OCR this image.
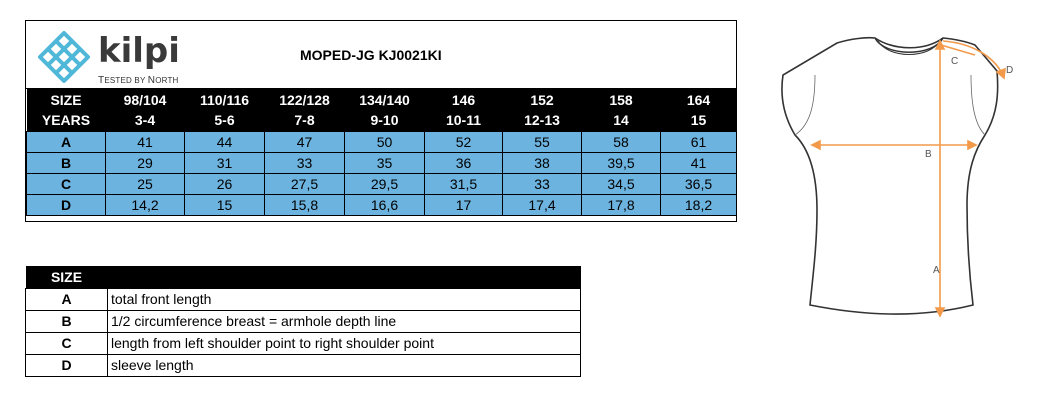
kilpi
TESTED BY NORTH
MOPED-JG KJ0021KI
SIZE	98/104	110/116	122/128	134/140	146	152	158	164
YEARS	3-4	5-6	7-8	9-10	10-11	12-13	14	15
A	41	44	47	50	52	55	58	61
B	29	31	33	35	36	38	39,5	41
C	25	26	27,5	29,5	31,5	33	34,5	36,5
D	14,2	15	15,8	16,6	17	17,4	17,8	18,2
SIZE	
A	total front length
B	1/2 circumference breast = armhole depth line
C	length from left shoulder point to right shoulder point
D	sleeve length
A
B
C
D
